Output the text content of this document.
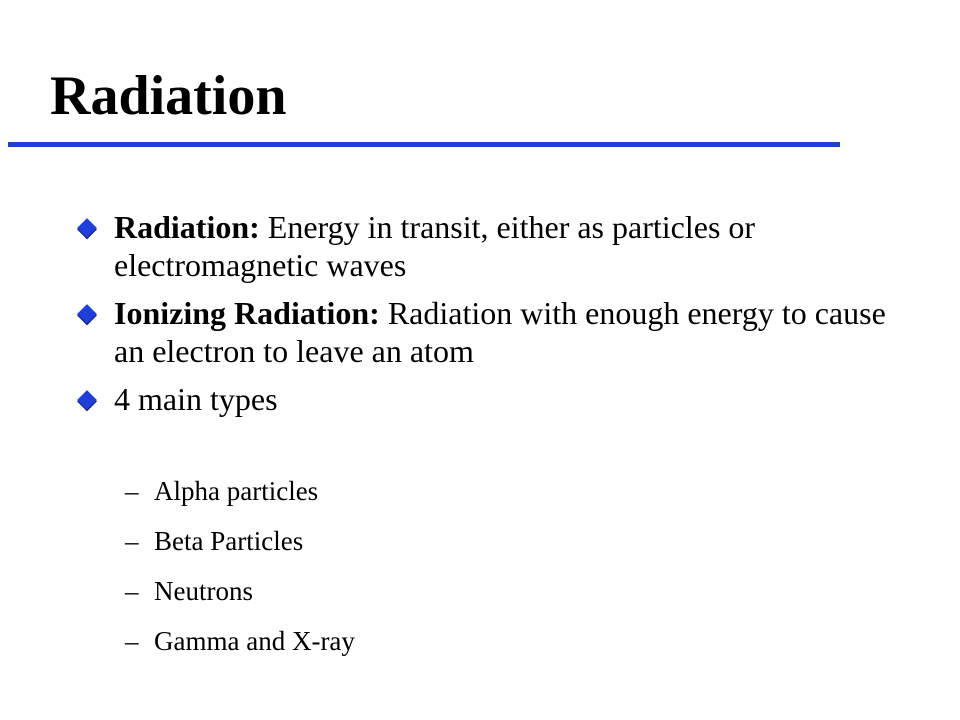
Radiation
Radiation: Energy in transit, either as particles or electromagnetic waves
Ionizing Radiation: Radiation with enough energy to cause an electron to leave an atom
4 main types
– Alpha particles
– Beta Particles
– Neutrons
– Gamma and X-ray
